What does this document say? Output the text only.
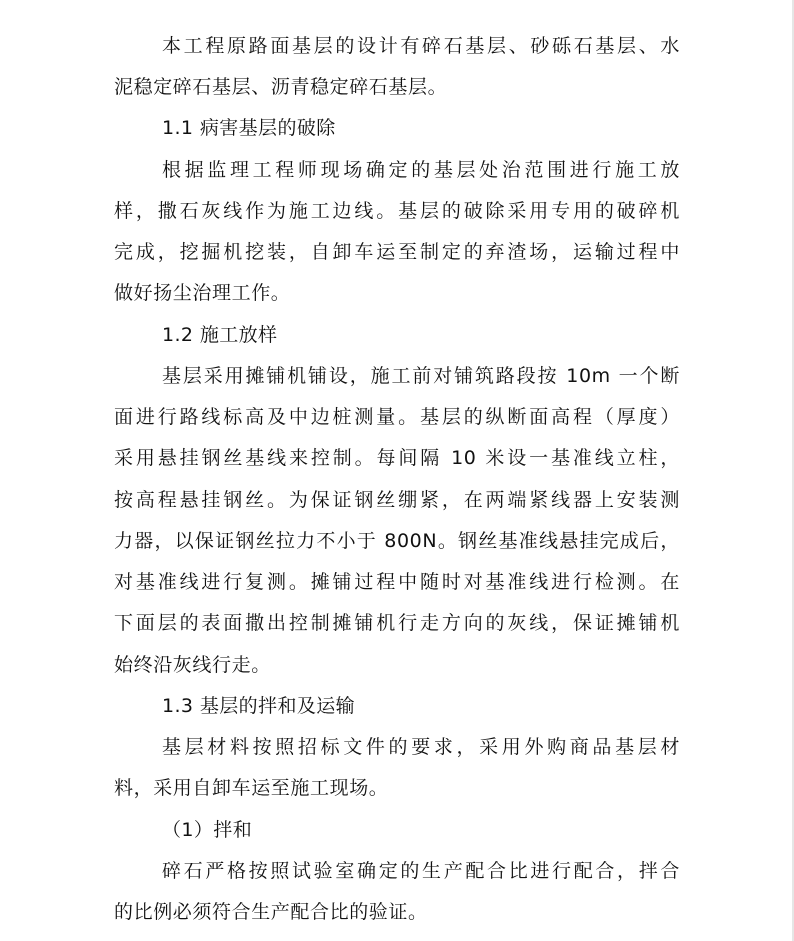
本工程原路面基层的设计有碎石基层、砂砾石基层、水
泥稳定碎石基层、沥青稳定碎石基层。
1.1 病害基层的破除
根据监理工程师现场确定的基层处治范围进行施工放
样，撒石灰线作为施工边线。基层的破除采用专用的破碎机
完成，挖掘机挖装，自卸车运至制定的弃渣场，运输过程中
做好扬尘治理工作。
1.2 施工放样
基层采用摊铺机铺设，施工前对铺筑路段按 10m 一个断
面进行路线标高及中边桩测量。基层的纵断面高程（厚度）
采用悬挂钢丝基线来控制。每间隔 10 米设一基准线立柱，
按高程悬挂钢丝。为保证钢丝绷紧，在两端紧线器上安装测
力器，以保证钢丝拉力不小于 800N。钢丝基准线悬挂完成后，
对基准线进行复测。摊铺过程中随时对基准线进行检测。在
下面层的表面撒出控制摊铺机行走方向的灰线，保证摊铺机
始终沿灰线行走。
1.3 基层的拌和及运输
基层材料按照招标文件的要求，采用外购商品基层材
料，采用自卸车运至施工现场。
（1）拌和
碎石严格按照试验室确定的生产配合比进行配合，拌合
的比例必须符合生产配合比的验证。
